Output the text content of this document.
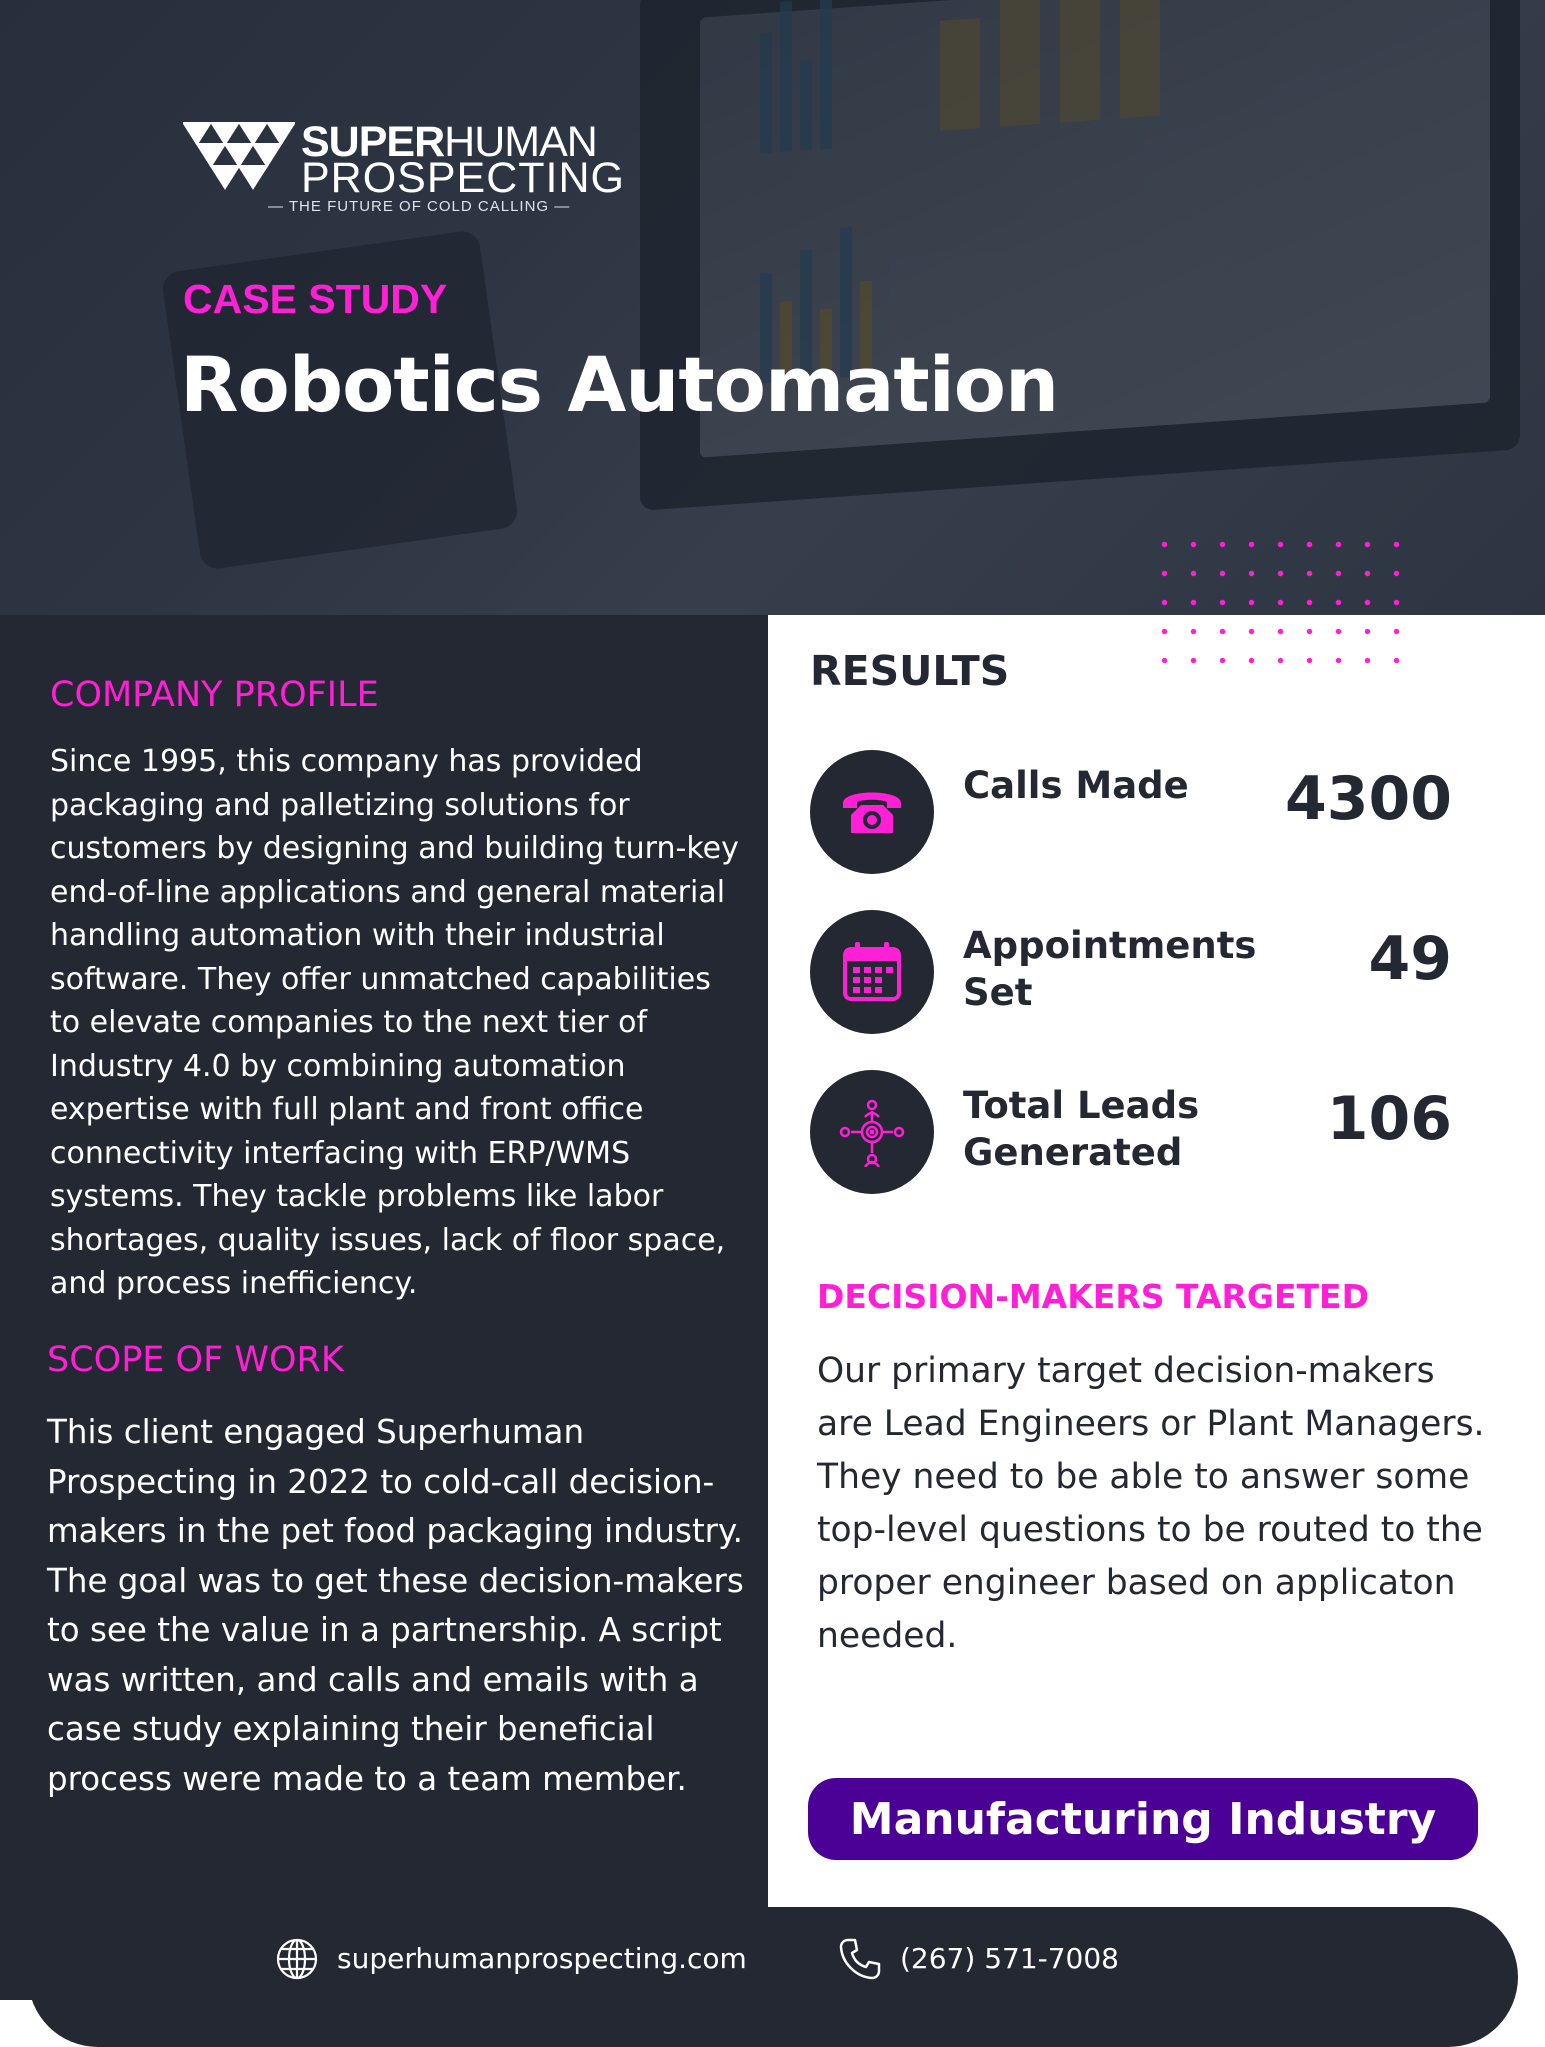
SUPERHUMAN
PROSPECTING
— THE FUTURE OF COLD CALLING —
CASE STUDY
Robotics Automation
COMPANY PROFILE
Since 1995, this company has provided packaging and palletizing solutions for customers by designing and building turn-key end-of-line applications and general material handling automation with their industrial software. They offer unmatched capabilities to elevate companies to the next tier of Industry 4.0 by combining automation expertise with full plant and front office connectivity interfacing with ERP/WMS systems. They tackle problems like labor shortages, quality issues, lack of floor space, and process inefficiency.
SCOPE OF WORK
This client engaged Superhuman Prospecting in 2022 to cold-call decision-makers in the pet food packaging industry. The goal was to get these decision-makers to see the value in a partnership. A script was written, and calls and emails with a case study explaining their beneficial process were made to a team member.
RESULTS
Calls Made	4300
Appointments Set	49
Total Leads Generated	106
DECISION-MAKERS TARGETED
Our primary target decision-makers are Lead Engineers or Plant Managers. They need to be able to answer some top-level questions to be routed to the proper engineer based on applicaton needed.
Manufacturing Industry
superhumanprospecting.com	(267) 571-7008
